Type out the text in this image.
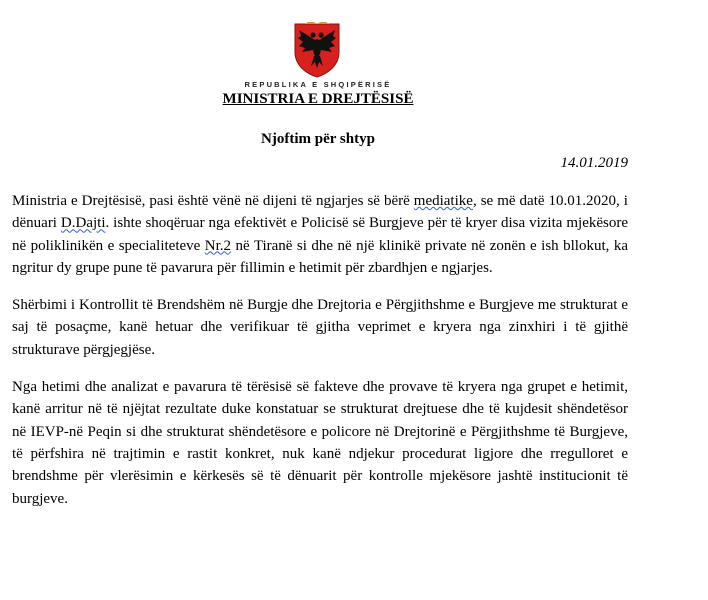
REPUBLIKA E SHQIPËRISË
MINISTRIA E DREJTËSISË
Njoftim për shtyp
14.01.2019

Ministria e Drejtësisë, pasi është vënë në dijeni të ngjarjes së bërë mediatike, se më datë 10.01.2020, i dënuari D.Dajti. ishte shoqëruar nga efektivët e Policisë së Burgjeve për të kryer disa vizita mjekësore në poliklinikën e specialiteteve Nr.2 në Tiranë si dhe në një klinikë private në zonën e ish bllokut, ka ngritur dy grupe pune të pavarura për fillimin e hetimit për zbardhjen e ngjarjes.

Shërbimi i Kontrollit të Brendshëm në Burgje dhe Drejtoria e Përgjithshme e Burgjeve me strukturat e saj të posaçme, kanë hetuar dhe verifikuar të gjitha veprimet e kryera nga zinxhiri i të gjithë strukturave përgjegjëse.

Nga hetimi dhe analizat e pavarura të tërësisë së fakteve dhe provave të kryera nga grupet e hetimit, kanë arritur në të njëjtat rezultate duke konstatuar se strukturat drejtuese dhe të kujdesit shëndetësor në IEVP-në Peqin si dhe strukturat shëndetësore e policore në Drejtorinë e Përgjithshme të Burgjeve, të përfshira në trajtimin e rastit konkret, nuk kanë ndjekur procedurat ligjore dhe rregulloret e brendshme për vlerësimin e kërkesës së të dënuarit për kontrolle mjekësore jashtë institucionit të burgjeve.
